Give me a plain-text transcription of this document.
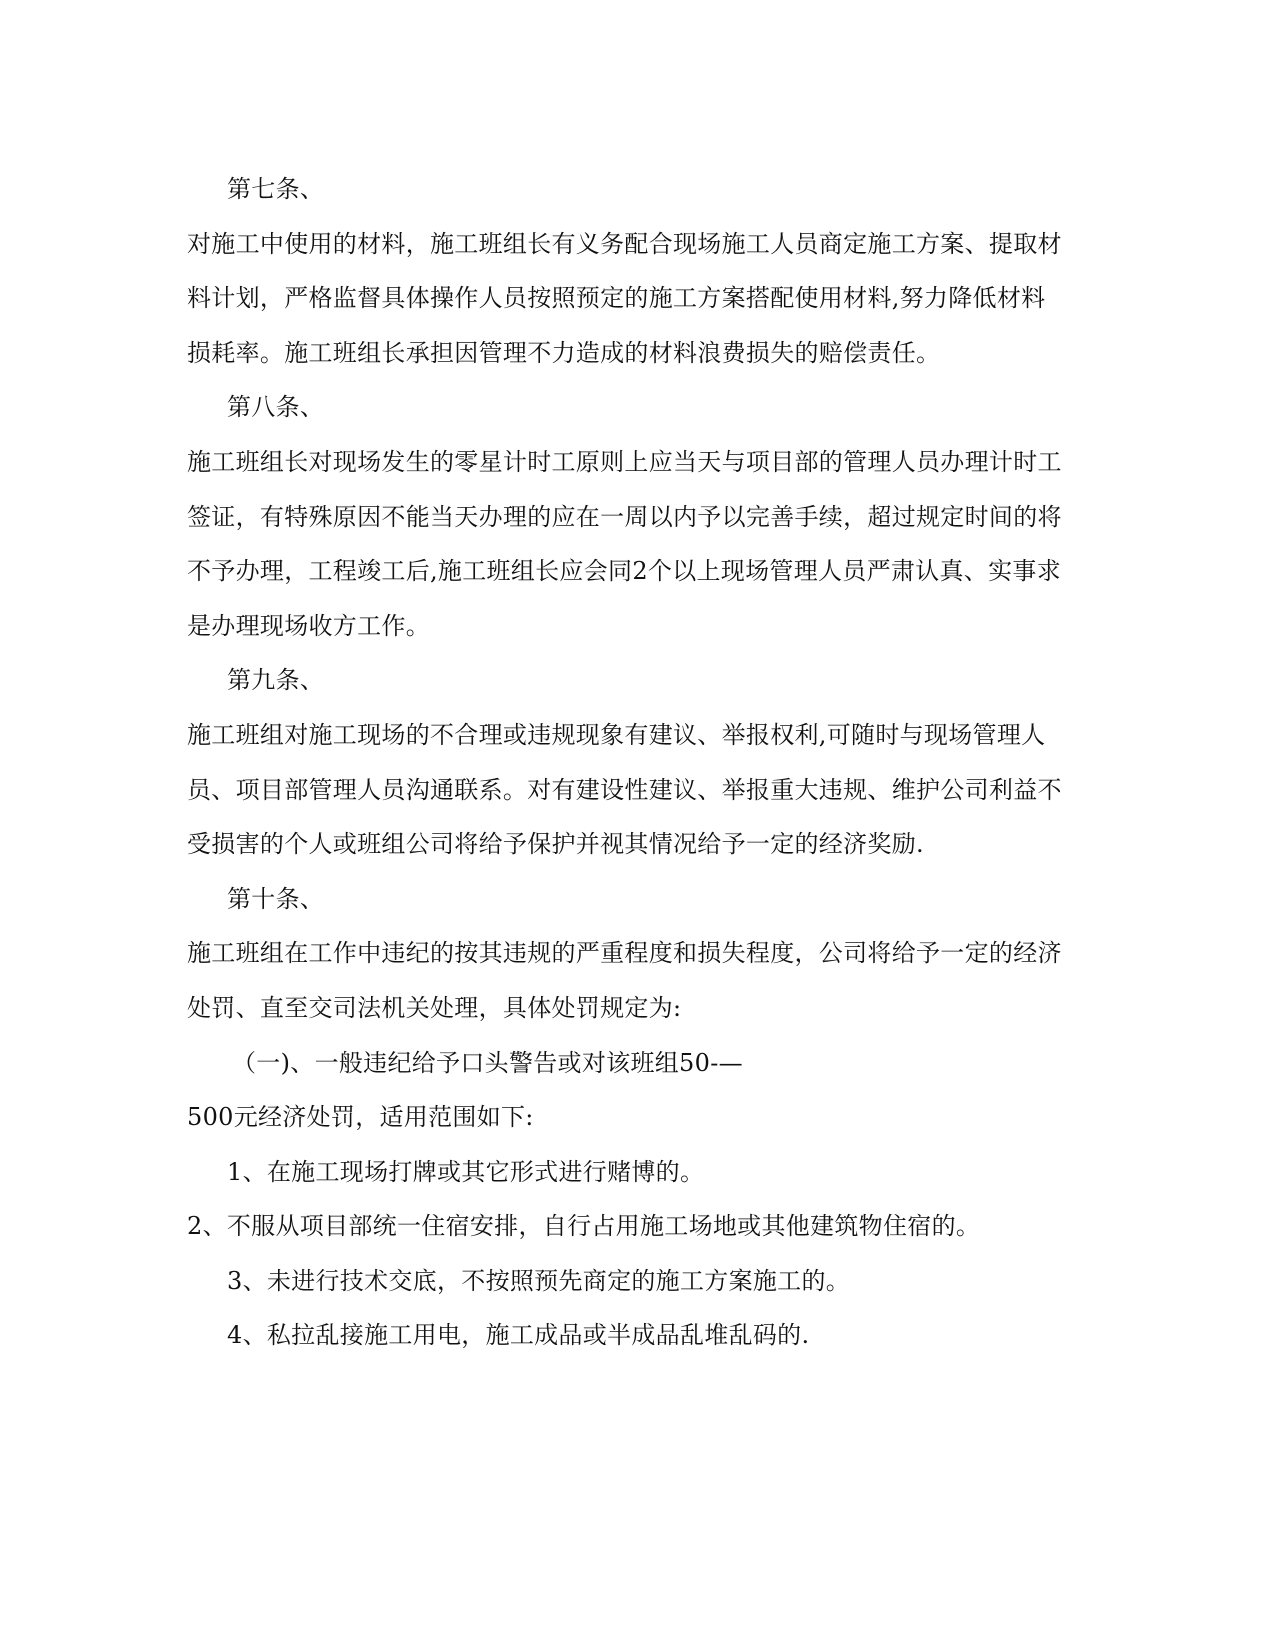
第七条、
对施工中使用的材料，施工班组长有义务配合现场施工人员商定施工方案、提取材
料计划，严格监督具体操作人员按照预定的施工方案搭配使用材料,努力降低材料
损耗率。施工班组长承担因管理不力造成的材料浪费损失的赔偿责任。
第八条、
施工班组长对现场发生的零星计时工原则上应当天与项目部的管理人员办理计时工
签证，有特殊原因不能当天办理的应在一周以内予以完善手续，超过规定时间的将
不予办理，工程竣工后,施工班组长应会同2个以上现场管理人员严肃认真、实事求
是办理现场收方工作。
第九条、
施工班组对施工现场的不合理或违规现象有建议、举报权利,可随时与现场管理人
员、项目部管理人员沟通联系。对有建设性建议、举报重大违规、维护公司利益不
受损害的个人或班组公司将给予保护并视其情况给予一定的经济奖励.
第十条、
施工班组在工作中违纪的按其违规的严重程度和损失程度，公司将给予一定的经济
处罚、直至交司法机关处理，具体处罚规定为:
（一)、一般违纪给予口头警告或对该班组50-—
500元经济处罚，适用范围如下:
1、在施工现场打牌或其它形式进行赌博的。
2、不服从项目部统一住宿安排，自行占用施工场地或其他建筑物住宿的。
3、未进行技术交底，不按照预先商定的施工方案施工的。
4、私拉乱接施工用电，施工成品或半成品乱堆乱码的.
